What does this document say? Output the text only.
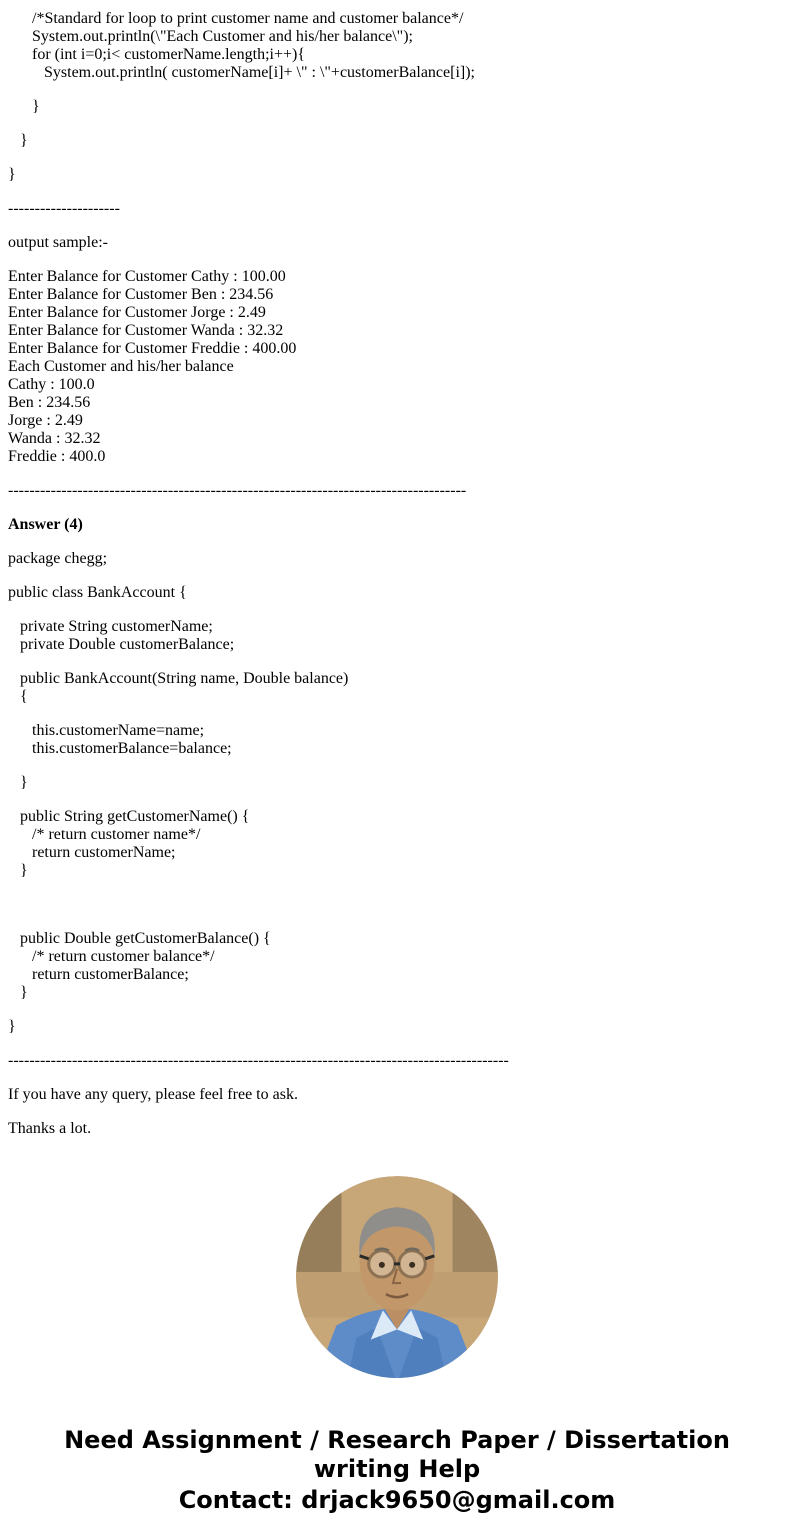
/*Standard for loop to print customer name and customer balance*/
System.out.println(\"Each Customer and his/her balance\");
for (int i=0;i< customerName.length;i++){
System.out.println( customerName[i]+ \" : \"+customerBalance[i]);

}

}

}

---------------------

output sample:-

Enter Balance for Customer Cathy : 100.00
Enter Balance for Customer Ben : 234.56
Enter Balance for Customer Jorge : 2.49
Enter Balance for Customer Wanda : 32.32
Enter Balance for Customer Freddie : 400.00
Each Customer and his/her balance
Cathy : 100.0
Ben : 234.56
Jorge : 2.49
Wanda : 32.32
Freddie : 400.0

--------------------------------------------------------------------------------------

Answer (4)

package chegg;

public class BankAccount {

private String customerName;
private Double customerBalance;

public BankAccount(String name, Double balance)
{

this.customerName=name;
this.customerBalance=balance;

}

public String getCustomerName() {
/* return customer name*/
return customerName;
}

public Double getCustomerBalance() {
/* return customer balance*/
return customerBalance;
}

}

----------------------------------------------------------------------------------------------

If you have any query, please feel free to ask.

Thanks a lot.

Need Assignment / Research Paper / Dissertation writing Help
Contact: drjack9650@gmail.com
